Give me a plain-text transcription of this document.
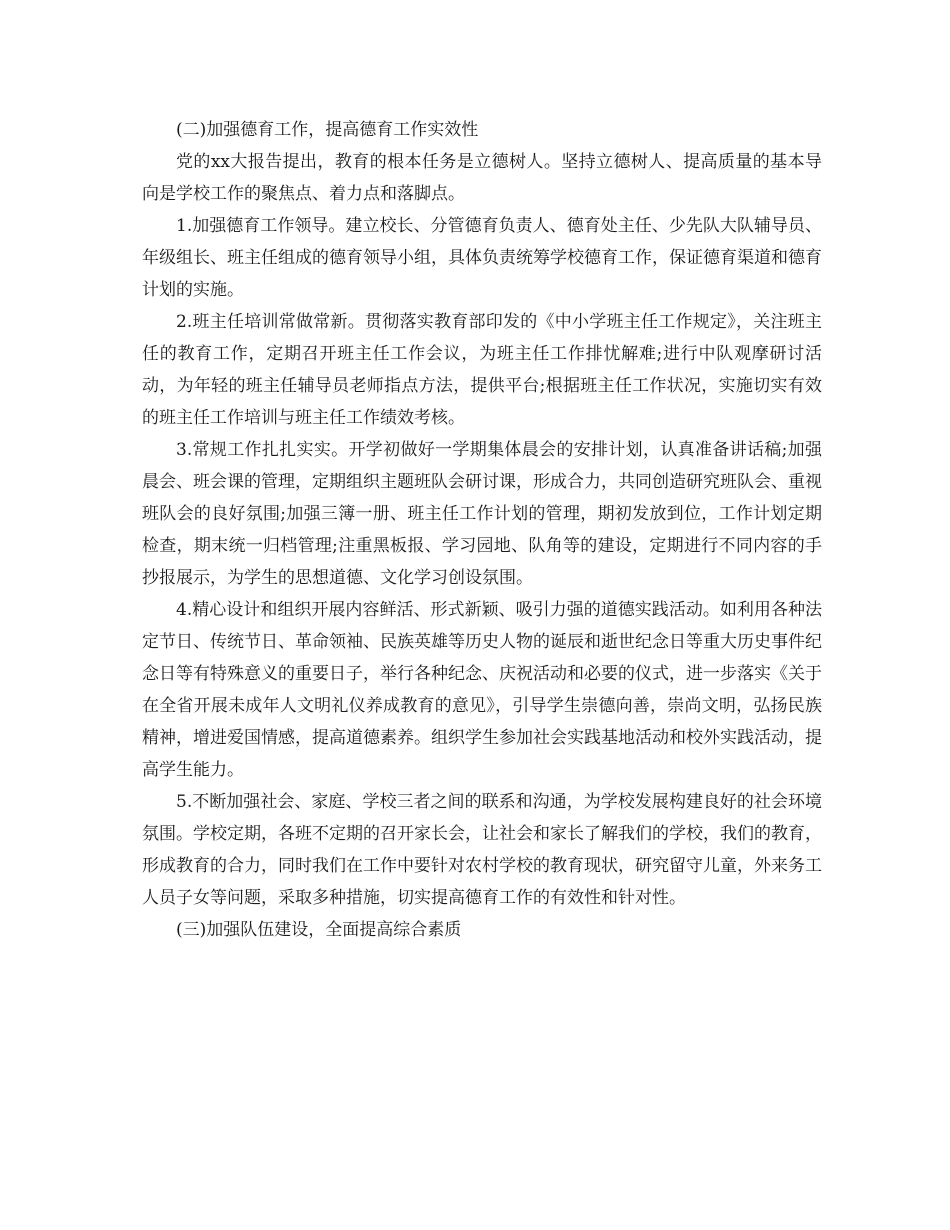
(二)加强德育工作，提高德育工作实效性

党的xx大报告提出，教育的根本任务是立德树人。坚持立德树人、提高质量的基本导向是学校工作的聚焦点、着力点和落脚点。

1.加强德育工作领导。建立校长、分管德育负责人、德育处主任、少先队大队辅导员、年级组长、班主任组成的德育领导小组，具体负责统筹学校德育工作，保证德育渠道和德育计划的实施。

2.班主任培训常做常新。贯彻落实教育部印发的《中小学班主任工作规定》，关注班主任的教育工作，定期召开班主任工作会议，为班主任工作排忧解难;进行中队观摩研讨活动，为年轻的班主任辅导员老师指点方法，提供平台;根据班主任工作状况，实施切实有效的班主任工作培训与班主任工作绩效考核。

3.常规工作扎扎实实。开学初做好一学期集体晨会的安排计划，认真准备讲话稿;加强晨会、班会课的管理，定期组织主题班队会研讨课，形成合力，共同创造研究班队会、重视班队会的良好氛围;加强三簿一册、班主任工作计划的管理，期初发放到位，工作计划定期检查，期末统一归档管理;注重黑板报、学习园地、队角等的建设，定期进行不同内容的手抄报展示，为学生的思想道德、文化学习创设氛围。

4.精心设计和组织开展内容鲜活、形式新颖、吸引力强的道德实践活动。如利用各种法定节日、传统节日、革命领袖、民族英雄等历史人物的诞辰和逝世纪念日等重大历史事件纪念日等有特殊意义的重要日子，举行各种纪念、庆祝活动和必要的仪式，进一步落实《关于在全省开展未成年人文明礼仪养成教育的意见》，引导学生崇德向善，崇尚文明，弘扬民族精神，增进爱国情感，提高道德素养。组织学生参加社会实践基地活动和校外实践活动，提高学生能力。

5.不断加强社会、家庭、学校三者之间的联系和沟通，为学校发展构建良好的社会环境氛围。学校定期，各班不定期的召开家长会，让社会和家长了解我们的学校，我们的教育，形成教育的合力，同时我们在工作中要针对农村学校的教育现状，研究留守儿童，外来务工人员子女等问题，采取多种措施，切实提高德育工作的有效性和针对性。

(三)加强队伍建设，全面提高综合素质
